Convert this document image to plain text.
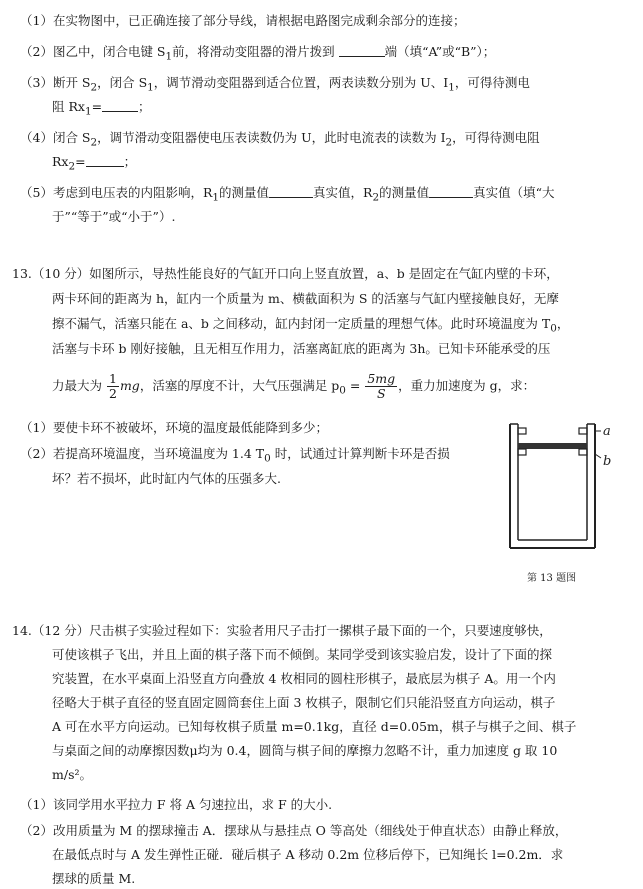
（1）在实物图中，已正确连接了部分导线，请根据电路图完成剩余部分的连接；
（2）图乙中，闭合电键 $S_1$前，将滑动变阻器的滑片拨到	端（填“A”或“B”）；
（3）断开 $S_2$，闭合 $S_1$，调节滑动变阻器到适合位置，两表读数分别为 U、$I_1$，可得待测电
阻 $Rx_1=$	；
（4）闭合 $S_2$，调节滑动变阻器使电压表读数仍为 U，此时电流表的读数为 $I_2$，可得待测电阻
$Rx_2=$	；
（5）考虑到电压表的内阻影响，$R_1$的测量值	真实值，$R_2$的测量值	真实值（填“大
于”“等于”或“小于”）.
13.（10 分）如图所示，导热性能良好的气缸开口向上竖直放置，a、b 是固定在气缸内壁的卡环，
两卡环间的距离为 h，缸内一个质量为 m、横截面积为 S 的活塞与气缸内壁接触良好，无摩
擦不漏气，活塞只能在 a、b 之间移动，缸内封闭一定质量的理想气体。此时环境温度为 $T_0$，
活塞与卡环 b 刚好接触，且无相互作用力，活塞离缸底的距离为 3h。已知卡环能承受的压
力最大为 $\frac{1}{2}$ mg，活塞的厚度不计，大气压强满足 $p_0 = \frac{5mg}{S}$ ，重力加速度为 g，求：
（1）要使卡环不被破坏，环境的温度最低能降到多少；
（2）若提高环境温度，当环境温度为 1.4 $T_0$ 时，试通过计算判断卡环是否损
坏？若不损坏，此时缸内气体的压强多大.
a
b
第 13 题图
14.（12 分）尺击棋子实验过程如下：实验者用尺子击打一摞棋子最下面的一个，只要速度够快，
可使该棋子飞出，并且上面的棋子落下而不倾倒。某同学受到该实验启发，设计了下面的探
究装置，在水平桌面上沿竖直方向叠放 4 枚相同的圆柱形棋子，最底层为棋子 A。用一个内
径略大于棋子直径的竖直固定圆筒套住上面 3 枚棋子，限制它们只能沿竖直方向运动，棋子
A 可在水平方向运动。已知每枚棋子质量 m=0.1kg，直径 d=0.05m，棋子与棋子之间、棋子
与桌面之间的动摩擦因数μ均为 0.4，圆筒与棋子间的摩擦力忽略不计，重力加速度 g 取 10
m/s²。
（1）该同学用水平拉力 F 将 A 匀速拉出，求 F 的大小.
（2）改用质量为 M 的摆球撞击 A．摆球从与悬挂点 O 等高处（细线处于伸直状态）由静止释放，
在最低点时与 A 发生弹性正碰．碰后棋子 A 移动 0.2m 位移后停下，已知绳长 l=0.2m．求
摆球的质量 M.
